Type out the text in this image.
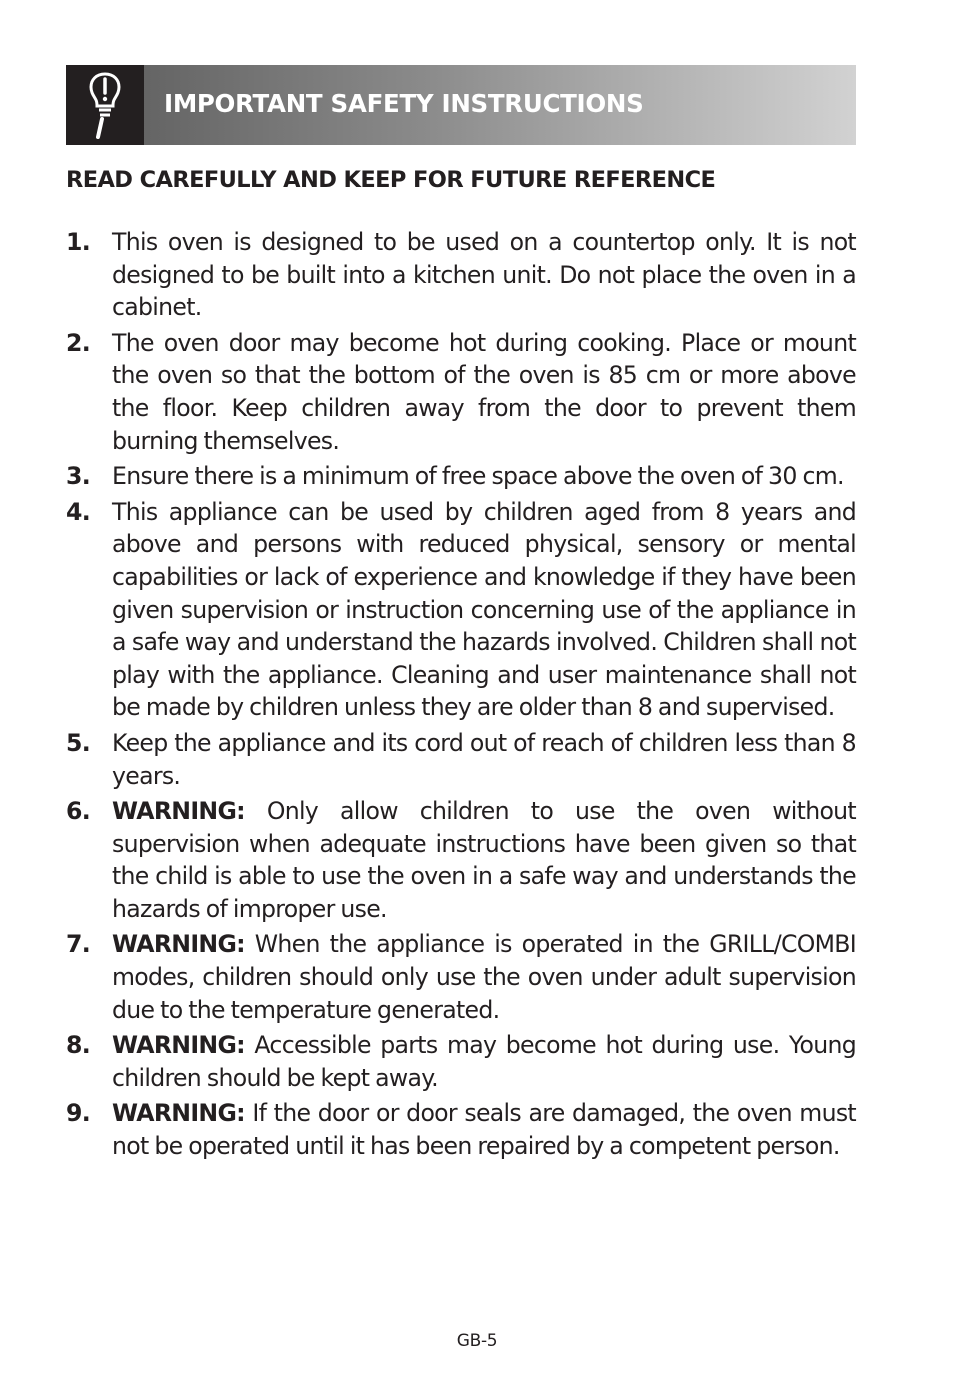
IMPORTANT SAFETY INSTRUCTIONS
READ CAREFULLY AND KEEP FOR FUTURE REFERENCE
1. This oven is designed to be used on a countertop only. It is not designed to be built into a kitchen unit. Do not place the oven in a cabinet.
2. The oven door may become hot during cooking. Place or mount the oven so that the bottom of the oven is 85 cm or more above the floor. Keep children away from the door to prevent them burning themselves.
3. Ensure there is a minimum of free space above the oven of 30 cm.
4. This appliance can be used by children aged from 8 years and above and persons with reduced physical, sensory or mental capabilities or lack of experience and knowledge if they have been given supervision or instruction concerning use of the appliance in a safe way and understand the hazards involved. Children shall not play with the appliance. Cleaning and user maintenance shall not be made by children unless they are older than 8 and supervised.
5. Keep the appliance and its cord out of reach of children less than 8 years.
6. WARNING: Only allow children to use the oven without supervision when adequate instructions have been given so that the child is able to use the oven in a safe way and understands the hazards of improper use.
7. WARNING: When the appliance is operated in the GRILL/COMBI modes, children should only use the oven under adult supervision due to the temperature generated.
8. WARNING: Accessible parts may become hot during use. Young children should be kept away.
9. WARNING: If the door or door seals are damaged, the oven must not be operated until it has been repaired by a competent person.
GB-5
